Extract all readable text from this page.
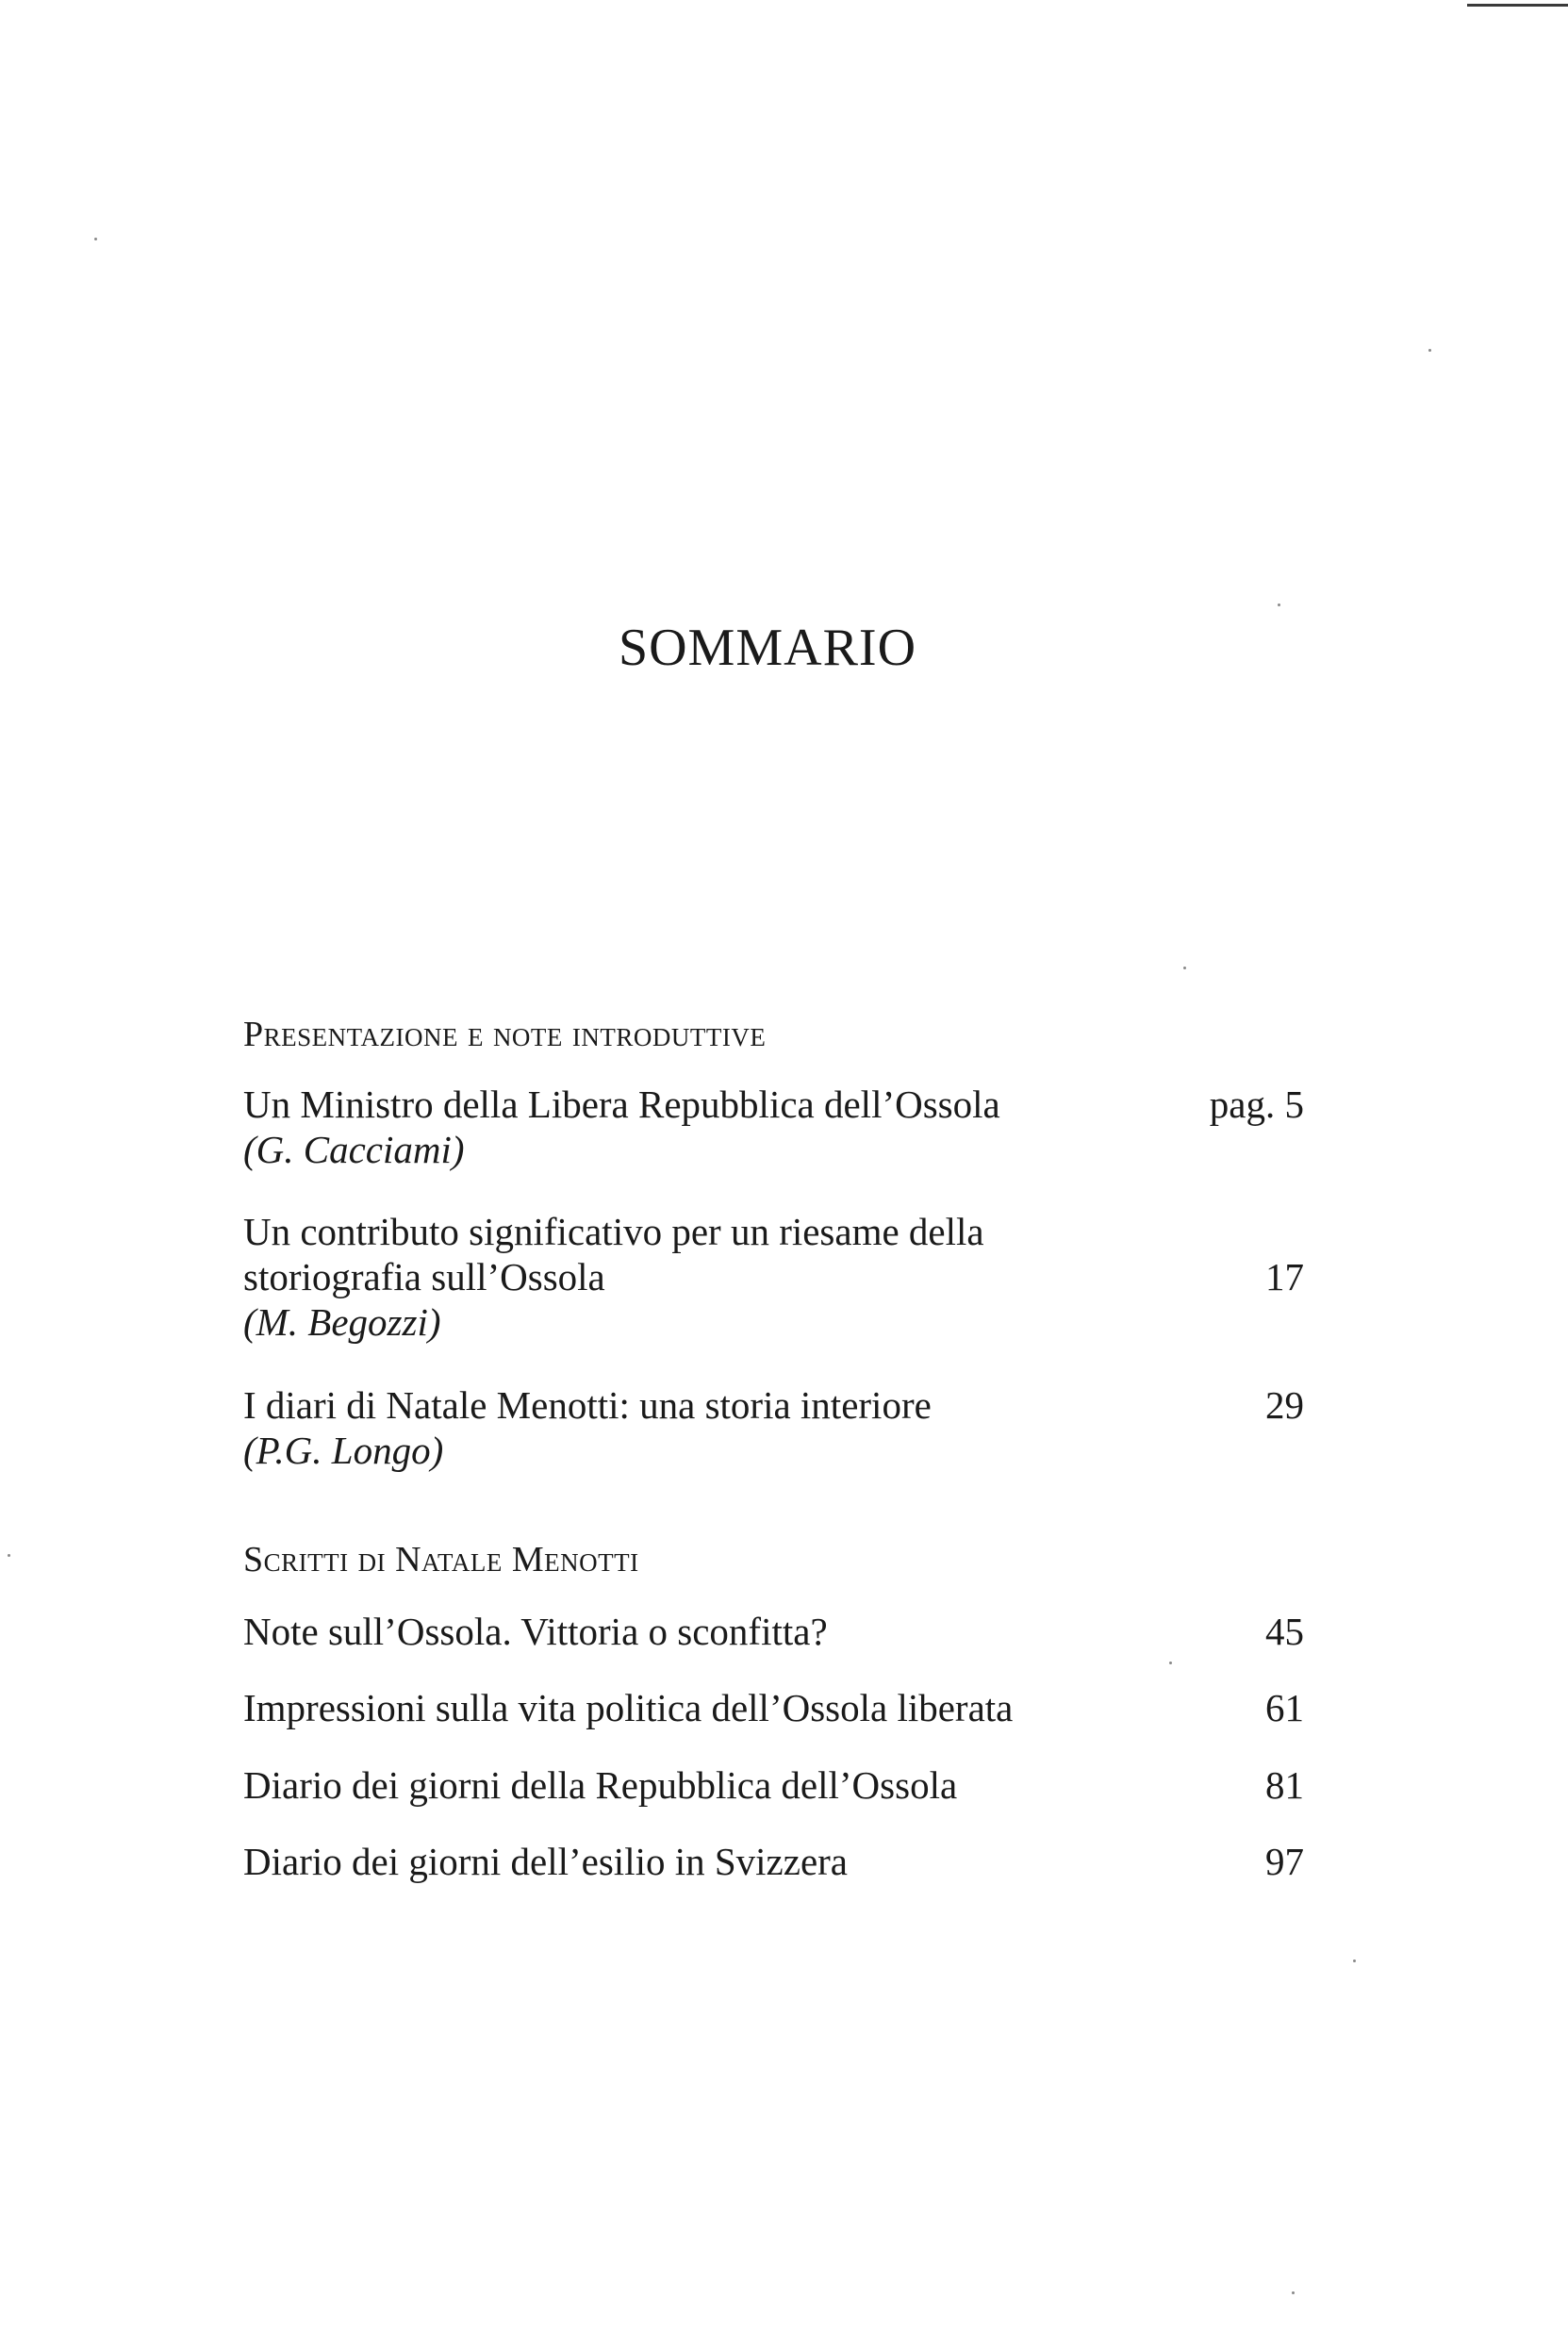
SOMMARIO
Presentazione e note introduttive
Un Ministro della Libera Repubblica dell’Ossola	pag. 5
(G. Cacciami)
Un contributo significativo per un riesame della
storiografia sull’Ossola	17
(M. Begozzi)
I diari di Natale Menotti: una storia interiore	29
(P.G. Longo)
Scritti di Natale Menotti
Note sull’Ossola. Vittoria o sconfitta?	45
Impressioni sulla vita politica dell’Ossola liberata	61
Diario dei giorni della Repubblica dell’Ossola	81
Diario dei giorni dell’esilio in Svizzera	97
